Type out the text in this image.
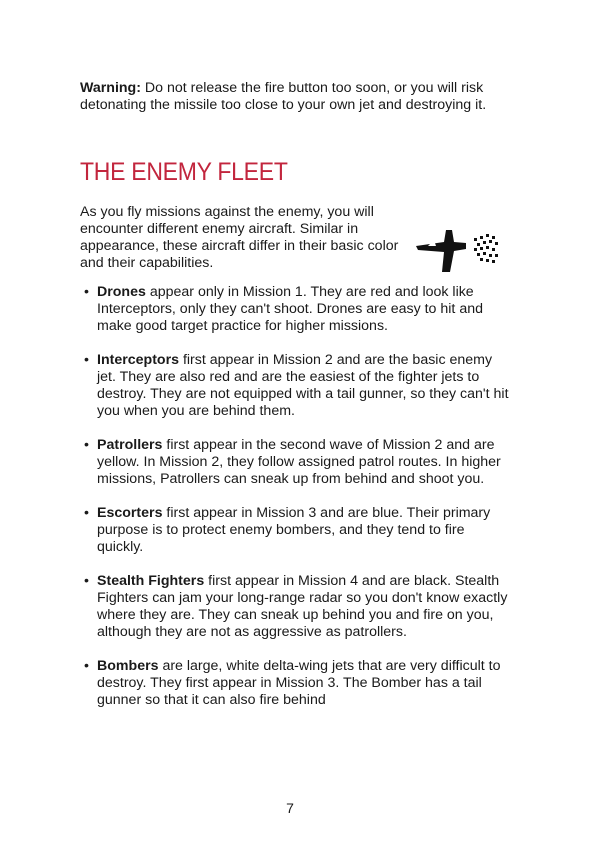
Warning: Do not release the fire button too soon, or you will risk detonating the missile too close to your own jet and destroying it.

THE ENEMY FLEET

As you fly missions against the enemy, you will encounter different enemy aircraft. Similar in appearance, these aircraft differ in their basic color and their capabilities.

• Drones appear only in Mission 1. They are red and look like Interceptors, only they can't shoot. Drones are easy to hit and make good target practice for higher missions.
• Interceptors first appear in Mission 2 and are the basic enemy jet. They are also red and are the easiest of the fighter jets to destroy. They are not equipped with a tail gunner, so they can't hit you when you are behind them.
• Patrollers first appear in the second wave of Mission 2 and are yellow. In Mission 2, they follow assigned patrol routes. In higher missions, Patrollers can sneak up from behind and shoot you.
• Escorters first appear in Mission 3 and are blue. Their primary purpose is to protect enemy bombers, and they tend to fire quickly.
• Stealth Fighters first appear in Mission 4 and are black. Stealth Fighters can jam your long-range radar so you don't know exactly where they are. They can sneak up behind you and fire on you, although they are not as aggressive as patrollers.
• Bombers are large, white delta-wing jets that are very difficult to destroy. They first appear in Mission 3. The Bomber has a tail gunner so that it can also fire behind
7
